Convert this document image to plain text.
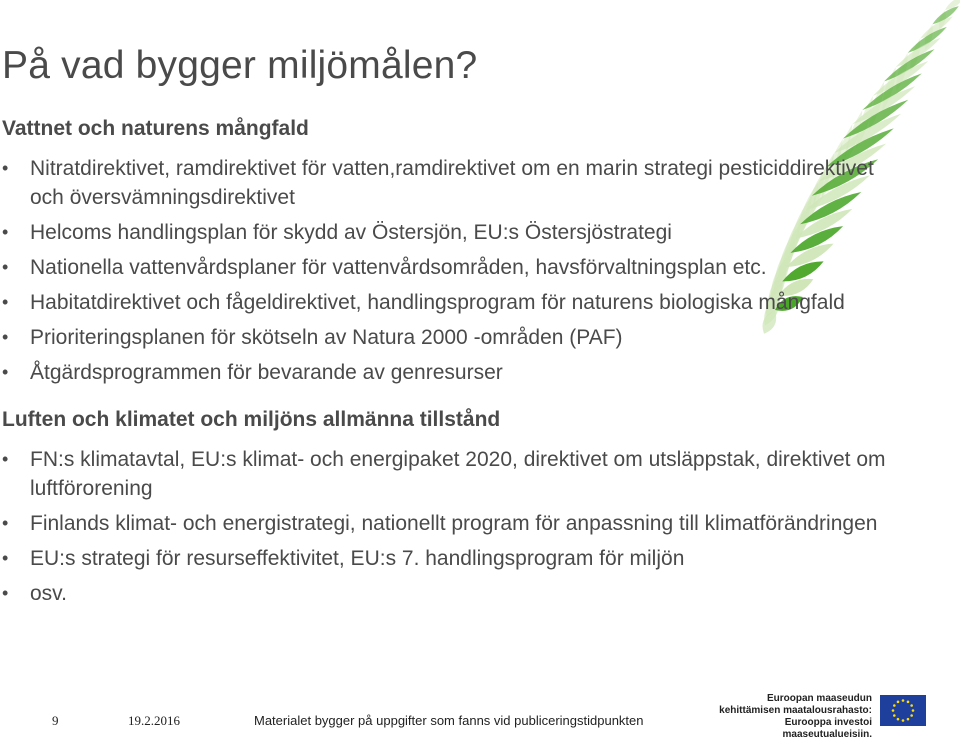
På vad bygger miljömålen?
Vattnet och naturens mångfald
• Nitratdirektivet, ramdirektivet för vatten,ramdirektivet om en marin strategi pesticiddirektivet och översvämningsdirektivet
• Helcoms handlingsplan för skydd av Östersjön, EU:s Östersjöstrategi
• Nationella vattenvårdsplaner för vattenvårdsområden, havsförvaltningsplan etc.
• Habitatdirektivet och fågeldirektivet, handlingsprogram för naturens biologiska mångfald
• Prioriteringsplanen för skötseln av Natura 2000 -områden (PAF)
• Åtgärdsprogrammen för bevarande av genresurser
Luften och klimatet och miljöns allmänna tillstånd
• FN:s klimatavtal, EU:s klimat- och energipaket 2020, direktivet om utsläppstak, direktivet om luftförorening
• Finlands klimat- och energistrategi, nationellt program för anpassning till klimatförändringen
• EU:s strategi för resurseffektivitet, EU:s 7. handlingsprogram för miljön
• osv.
9	19.2.2016	Materialet bygger på uppgifter som fanns vid publiceringstidpunkten
Euroopan maaseudun
kehittämisen maatalousrahasto:
Eurooppa investoi maaseutualueisiin.
